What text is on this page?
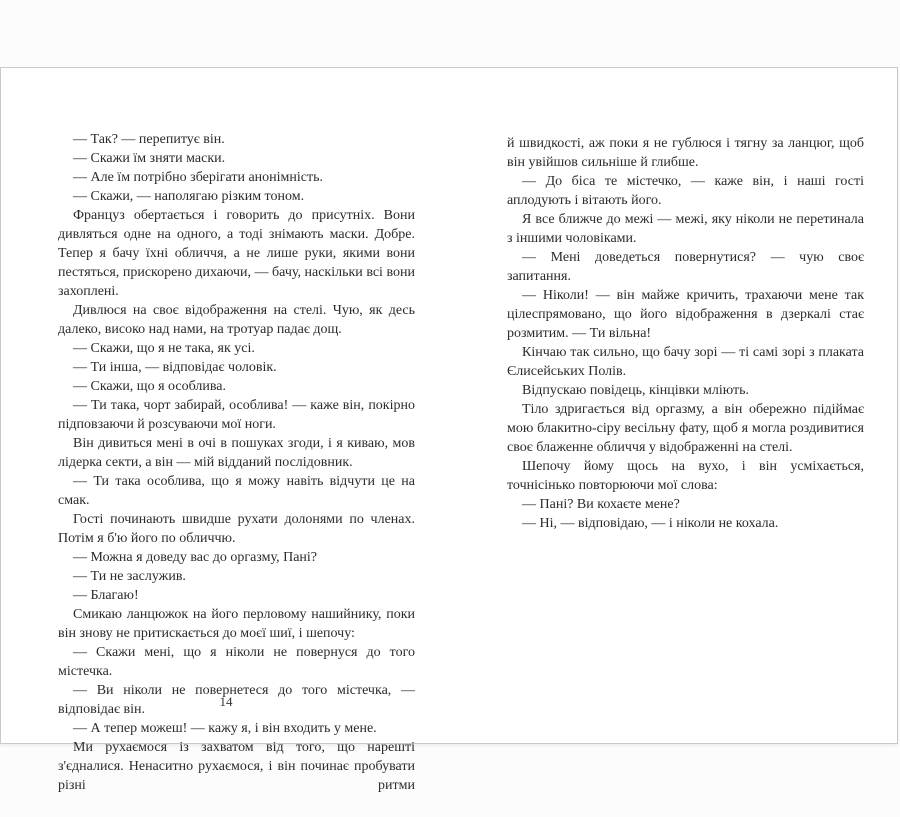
— Так? — перепитує він.
— Скажи їм зняти маски.
— Але їм потрібно зберігати анонімність.
— Скажи, — наполягаю різким тоном.
Француз обертається і говорить до присутніх. Вони дивляться одне на одного, а тоді знімають маски. Добре. Тепер я бачу їхні обличчя, а не лише руки, якими вони пестяться, прискорено дихаючи, — бачу, наскільки всі вони захоплені.
Дивлюся на своє відображення на стелі. Чую, як десь далеко, високо над нами, на тротуар падає дощ.
— Скажи, що я не така, як усі.
— Ти інша, — відповідає чоловік.
— Скажи, що я особлива.
— Ти така, чорт забирай, особлива! — каже він, покірно підповзаючи й розсуваючи мої ноги.
Він дивиться мені в очі в пошуках згоди, і я киваю, мов лідерка секти, а він — мій відданий послідовник.
— Ти така особлива, що я можу навіть відчути це на смак.
Гості починають швидше рухати долонями по членах. Потім я б'ю його по обличчю.
— Можна я доведу вас до оргазму, Пані?
— Ти не заслужив.
— Благаю!
Смикаю ланцюжок на його перловому нашийнику, поки він знову не притискається до моєї шиї, і шепочу:
— Скажи мені, що я ніколи не повернуся до того містечка.
— Ви ніколи не повернетеся до того містечка, — відповідає він.
— А тепер можеш! — кажу я, і він входить у мене.
Ми рухаємося із захватом від того, що нарешті з'єдналися. Ненаситно рухаємося, і він починає пробувати різні ритми
й швидкості, аж поки я не гублюся і тягну за ланцюг, щоб він увійшов сильніше й глибше.
— До біса те містечко, — каже він, і наші гості аплодують і вітають його.
Я все ближче до межі — межі, яку ніколи не перетинала з іншими чоловіками.
— Мені доведеться повернутися? — чую своє запитання.
— Ніколи! — він майже кричить, трахаючи мене так цілеспрямовано, що його відображення в дзеркалі стає розмитим. — Ти вільна!
Кінчаю так сильно, що бачу зорі — ті самі зорі з плаката Єлисейських Полів.
Відпускаю повідець, кінцівки мліють.
Тіло здригається від оргазму, а він обережно підіймає мою блакитно-сіру весільну фату, щоб я могла роздивитися своє блаженне обличчя у відображенні на стелі.
Шепочу йому щось на вухо, і він усміхається, точнісінько повторюючи мої слова:
— Пані? Ви кохаєте мене?
— Ні, — відповідаю, — і ніколи не кохала.
14
